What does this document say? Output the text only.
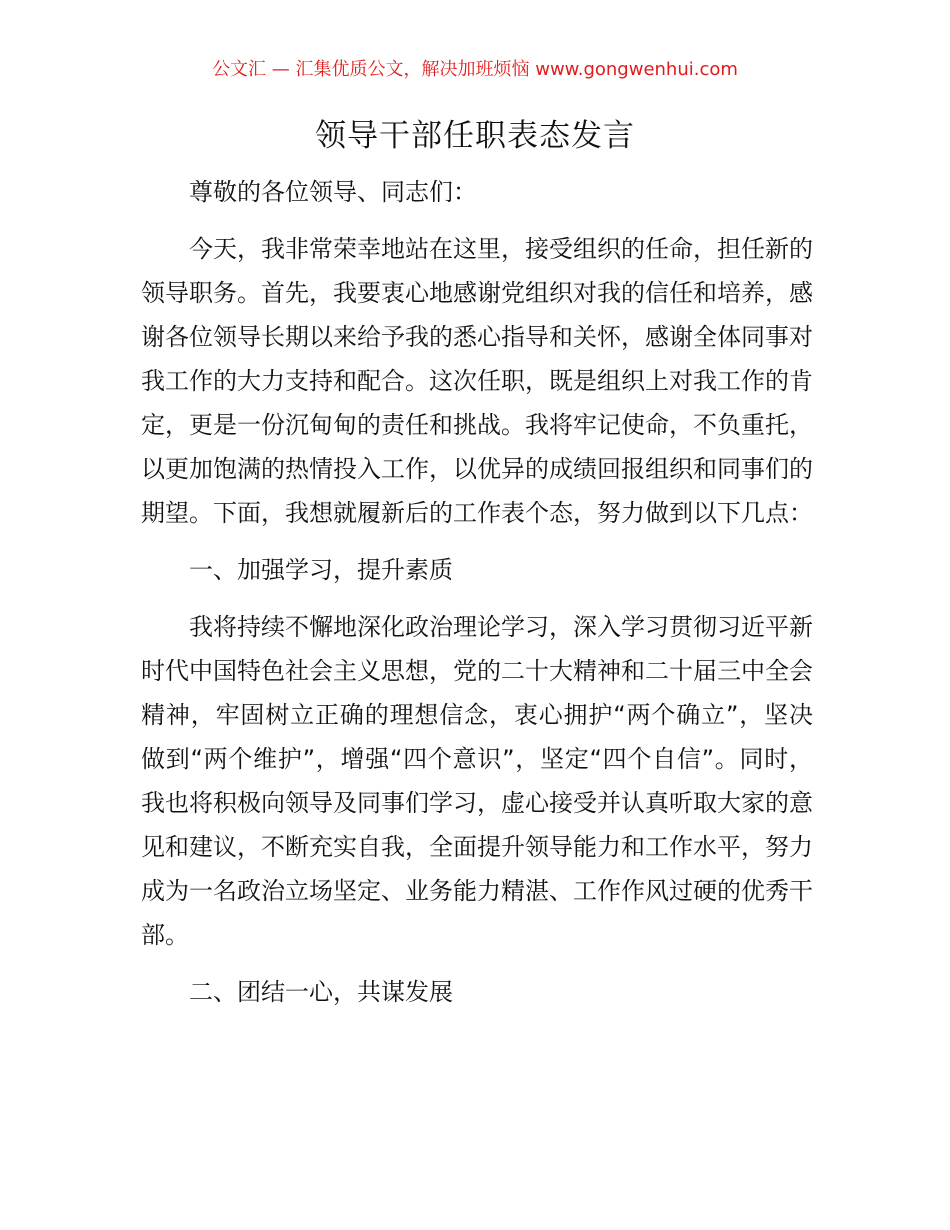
公文汇 — 汇集优质公文，解决加班烦恼 www.gongwenhui.com
领导干部任职表态发言

尊敬的各位领导、同志们：

今天，我非常荣幸地站在这里，接受组织的任命，担任新的领导职务。首先，我要衷心地感谢党组织对我的信任和培养，感谢各位领导长期以来给予我的悉心指导和关怀，感谢全体同事对我工作的大力支持和配合。这次任职，既是组织上对我工作的肯定，更是一份沉甸甸的责任和挑战。我将牢记使命，不负重托，以更加饱满的热情投入工作，以优异的成绩回报组织和同事们的期望。下面，我想就履新后的工作表个态，努力做到以下几点：

一、加强学习，提升素质

我将持续不懈地深化政治理论学习，深入学习贯彻习近平新时代中国特色社会主义思想，党的二十大精神和二十届三中全会精神，牢固树立正确的理想信念，衷心拥护“两个确立”，坚决做到“两个维护”，增强“四个意识”，坚定“四个自信”。同时，我也将积极向领导及同事们学习，虚心接受并认真听取大家的意见和建议，不断充实自我，全面提升领导能力和工作水平，努力成为一名政治立场坚定、业务能力精湛、工作作风过硬的优秀干部。

二、团结一心，共谋发展
